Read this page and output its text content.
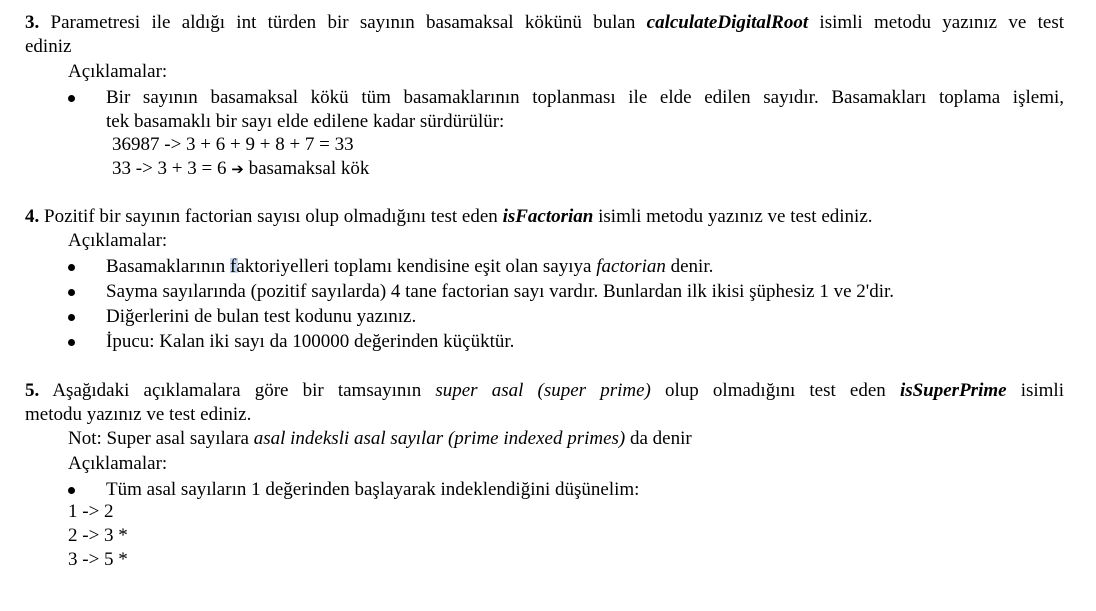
3. Parametresi ile aldığı int türden bir sayının basamaksal kökünü bulan calculateDigitalRoot isimli metodu yazınız ve test
ediniz
Açıklamalar:
Bir sayının basamaksal kökü tüm basamaklarının toplanması ile elde edilen sayıdır. Basamakları toplama işlemi,
tek basamaklı bir sayı elde edilene kadar sürdürülür:
36987 -> 3 + 6 + 9 + 8 + 7 = 33
33 -> 3 + 3 = 6 ➔ basamaksal kök
4. Pozitif bir sayının factorian sayısı olup olmadığını test eden isFactorian isimli metodu yazınız ve test ediniz.
Açıklamalar:
Basamaklarının faktoriyelleri toplamı kendisine eşit olan sayıya factorian denir.
Sayma sayılarında (pozitif sayılarda) 4 tane factorian sayı vardır. Bunlardan ilk ikisi şüphesiz 1 ve 2'dir.
Diğerlerini de bulan test kodunu yazınız.
İpucu: Kalan iki sayı da 100000 değerinden küçüktür.
5. Aşağıdaki açıklamalara göre bir tamsayının super asal (super prime) olup olmadığını test eden isSuperPrime isimli
metodu yazınız ve test ediniz.
Not: Super asal sayılara asal indeksli asal sayılar (prime indexed primes) da denir
Açıklamalar:
Tüm asal sayıların 1 değerinden başlayarak indeklendiğini düşünelim:
1 -> 2
2 -> 3 *
3 -> 5 *
